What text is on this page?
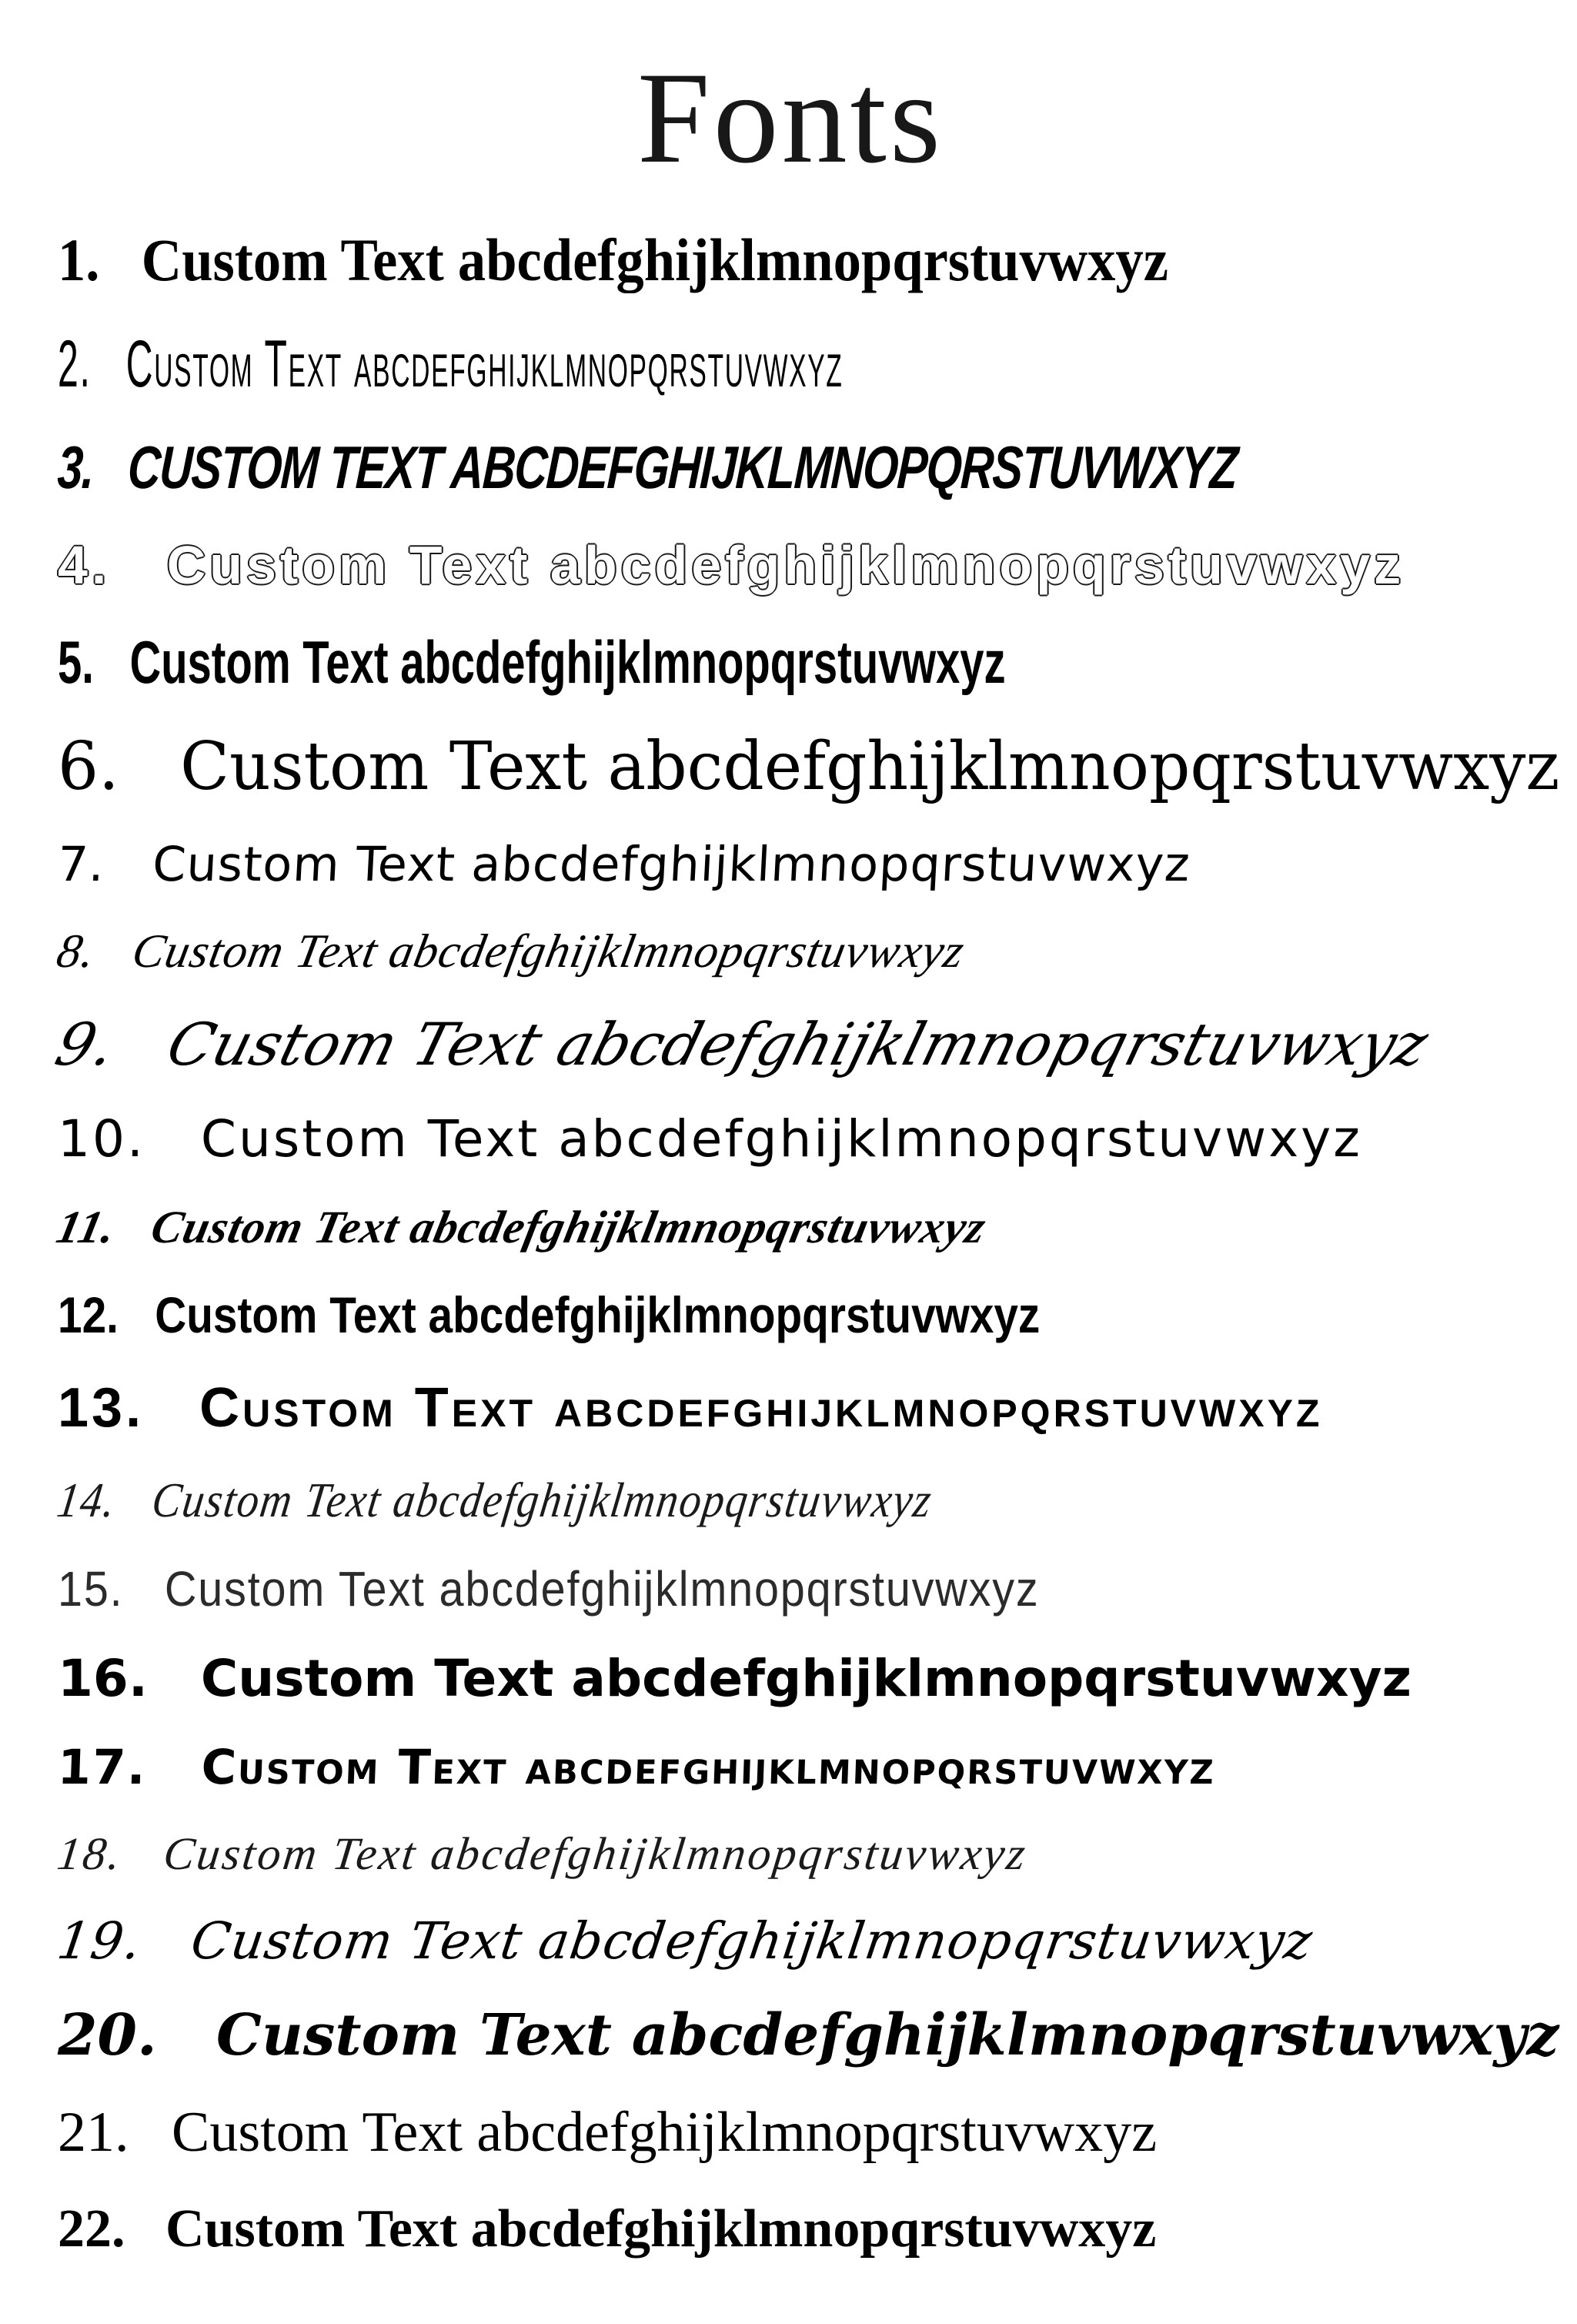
Fonts
1. Custom Text abcdefghijklmnopqrstuvwxyz
2. Custom Text abcdefghijklmnopqrstuvwxyz
3. CUSTOM TEXT ABCDEFGHIJKLMNOPQRSTUVWXYZ
4. Custom Text abcdefghijklmnopqrstuvwxyz
5. Custom Text abcdefghijklmnopqrstuvwxyz
6. Custom Text abcdefghijklmnopqrstuvwxyz
7. Custom Text abcdefghijklmnopqrstuvwxyz
8. Custom Text abcdefghijklmnopqrstuvwxyz
9. Custom Text abcdefghijklmnopqrstuvwxyz
10. Custom Text abcdefghijklmnopqrstuvwxyz
11. Custom Text abcdefghijklmnopqrstuvwxyz
12. Custom Text abcdefghijklmnopqrstuvwxyz
13. Custom Text abcdefghijklmnopqrstuvwxyz
14. Custom Text abcdefghijklmnopqrstuvwxyz
15. Custom Text abcdefghijklmnopqrstuvwxyz
16. Custom Text abcdefghijklmnopqrstuvwxyz
17. Custom Text abcdefghijklmnopqrstuvwxyz
18. Custom Text abcdefghijklmnopqrstuvwxyz
19. Custom Text abcdefghijklmnopqrstuvwxyz
20. Custom Text abcdefghijklmnopqrstuvwxyz
21. Custom Text abcdefghijklmnopqrstuvwxyz
22. Custom Text abcdefghijklmnopqrstuvwxyz
